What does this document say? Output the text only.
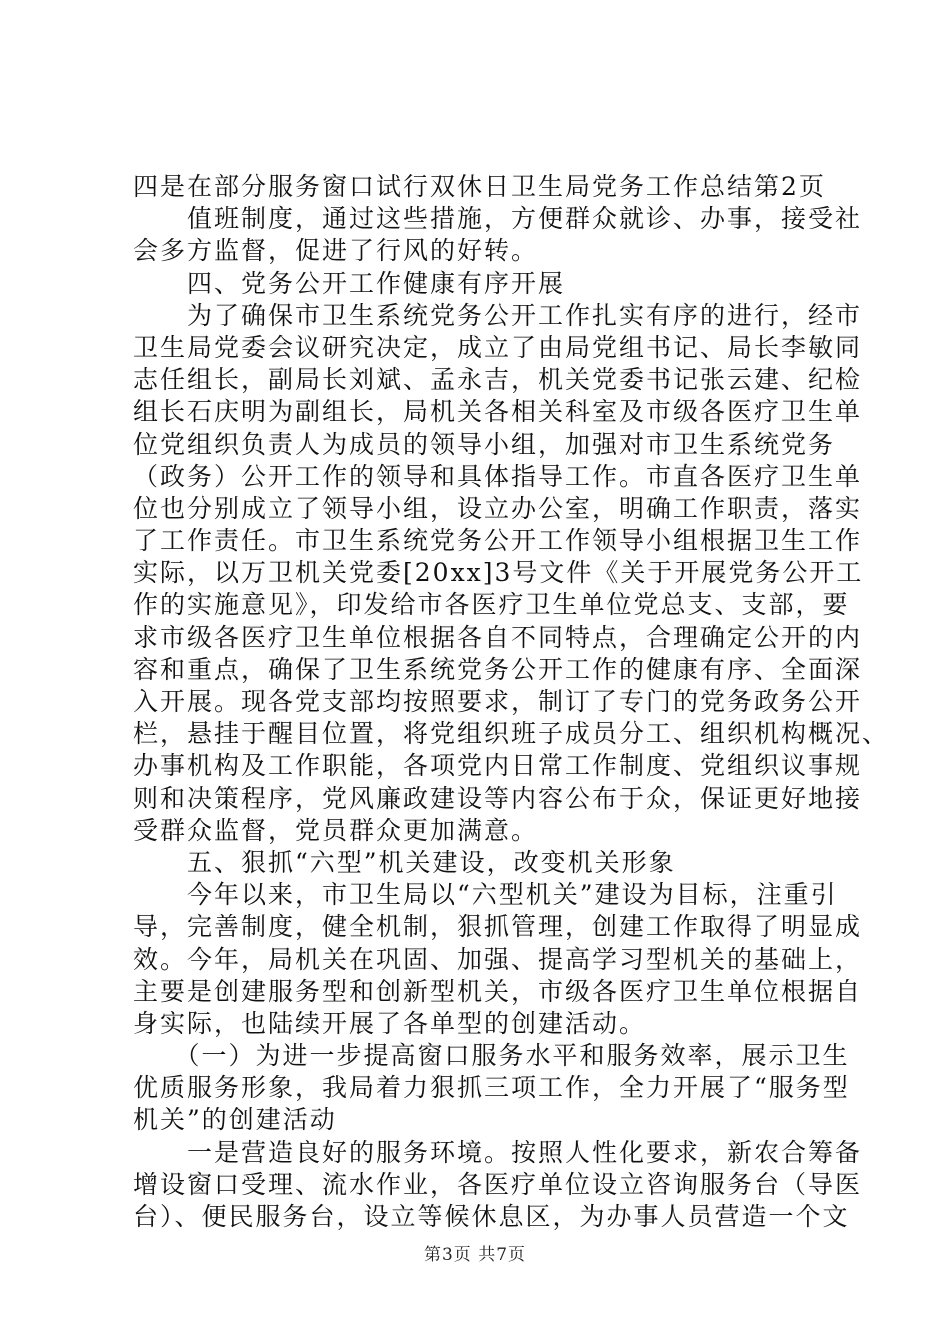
四是在部分服务窗口试行双休日卫生局党务工作总结第2页
　　值班制度，通过这些措施，方便群众就诊、办事，接受社
会多方监督，促进了行风的好转。
　　四、党务公开工作健康有序开展
　　为了确保市卫生系统党务公开工作扎实有序的进行，经市
卫生局党委会议研究决定，成立了由局党组书记、局长李敏同
志任组长，副局长刘斌、孟永吉，机关党委书记张云建、纪检
组长石庆明为副组长，局机关各相关科室及市级各医疗卫生单
位党组织负责人为成员的领导小组，加强对市卫生系统党务
（政务）公开工作的领导和具体指导工作。市直各医疗卫生单
位也分别成立了领导小组，设立办公室，明确工作职责，落实
了工作责任。市卫生系统党务公开工作领导小组根据卫生工作
实际，以万卫机关党委[20xx]3号文件《关于开展党务公开工
作的实施意见》，印发给市各医疗卫生单位党总支、支部，要
求市级各医疗卫生单位根据各自不同特点，合理确定公开的内
容和重点，确保了卫生系统党务公开工作的健康有序、全面深
入开展。现各党支部均按照要求，制订了专门的党务政务公开
栏，悬挂于醒目位置，将党组织班子成员分工、组织机构概况、
办事机构及工作职能，各项党内日常工作制度、党组织议事规
则和决策程序，党风廉政建设等内容公布于众，保证更好地接
受群众监督，党员群众更加满意。
　　五、狠抓“六型”机关建设，改变机关形象
　　今年以来，市卫生局以“六型机关”建设为目标，注重引
导，完善制度，健全机制，狠抓管理，创建工作取得了明显成
效。今年，局机关在巩固、加强、提高学习型机关的基础上，
主要是创建服务型和创新型机关，市级各医疗卫生单位根据自
身实际，也陆续开展了各单型的创建活动。
　　（一）为进一步提高窗口服务水平和服务效率，展示卫生
优质服务形象，我局着力狠抓三项工作，全力开展了“服务型
机关”的创建活动
　　一是营造良好的服务环境。按照人性化要求，新农合筹备
增设窗口受理、流水作业，各医疗单位设立咨询服务台（导医
台）、便民服务台，设立等候休息区，为办事人员营造一个文
第3页 共7页
